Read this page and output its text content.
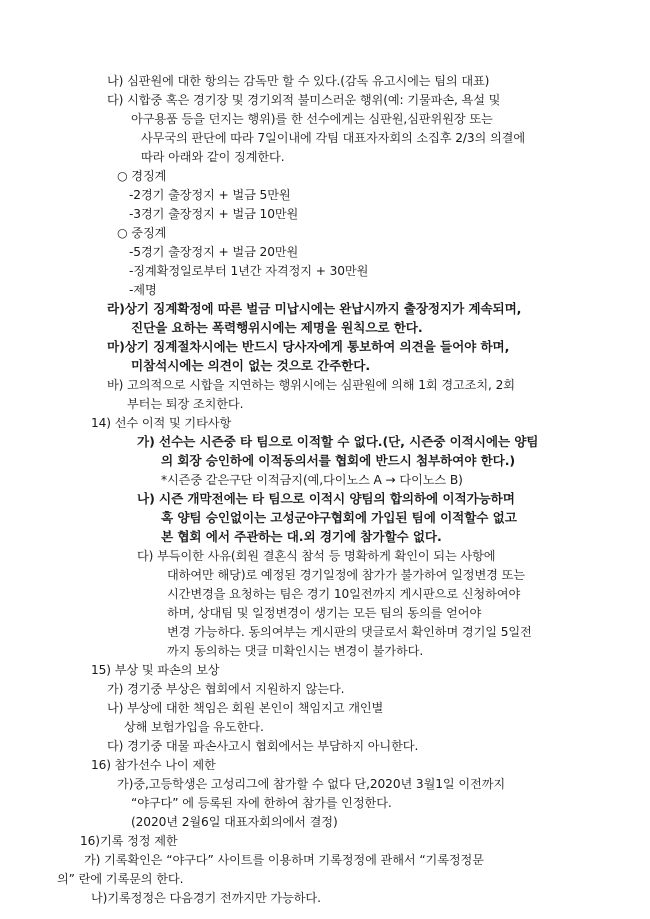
나) 심판원에 대한 항의는 감독만 할 수 있다.(감독 유고시에는 팀의 대표)
다) 시합중 혹은 경기장 및 경기외적 불미스러운 행위(예: 기물파손, 욕설 및
아구용품 등을 던지는 행위)를 한 선수에게는 심판원,심판위원장 또는
사무국의 판단에 따라 7일이내에 각팀 대표자자회의 소집후 2/3의 의결에
따라 아래와 같이 징계한다.
○ 경징계
-2경기 출장정지 + 벌금 5만원
-3경기 출장정지 + 벌금 10만원
○ 중징계
-5경기 출장정지 + 벌금 20만원
-징계확정일로부터 1년간 자격정지 + 30만원
-제명
라)상기 징계확정에 따른 벌금 미납시에는 완납시까지 출장정지가 계속되며,
진단을 요하는 폭력행위시에는 제명을 원칙으로 한다.
마)상기 징계절차시에는 반드시 당사자에게 통보하여 의견을 들어야 하며,
미참석시에는 의견이 없는 것으로 간주한다.
바) 고의적으로 시합을 지연하는 행위시에는 심판원에 의해 1회 경고조치, 2회
부터는 퇴장 조치한다.
14) 선수 이적 및 기타사항
가) 선수는 시즌중 타 팀으로 이적할 수 없다.(단, 시즌중 이적시에는 양팀
의 회장 승인하에 이적동의서를 협회에 반드시 첨부하여야 한다.)
*시즌중 같은구단 이적금지(예,다이노스 A → 다이노스 B)
나) 시즌 개막전에는 타 팀으로 이적시 양팀의 합의하에 이적가능하며
혹 양팀 승인없이는 고성군야구협회에 가입된 팀에 이적할수 없고
본 협회 에서 주관하는 대.외 경기에 참가할수 없다.
다) 부득이한 사유(회원 결혼식 참석 등 명확하게 확인이 되는 사항에
대하여만 해당)로 예정된 경기일정에 참가가 불가하여 일정변경 또는
시간변경을 요청하는 팀은 경기 10일전까지 게시판으로 신청하여야
하며, 상대팀 및 일정변경이 생기는 모든 팀의 동의를 얻어야
변경 가능하다. 동의여부는 게시판의 댓글로서 확인하며 경기일 5일전
까지 동의하는 댓글 미확인시는 변경이 불가하다.
15) 부상 및 파손의 보상
가) 경기중 부상은 협회에서 지원하지 않는다.
나) 부상에 대한 책임은 회원 본인이 책임지고 개인별
상해 보험가입을 유도한다.
다) 경기중 대물 파손사고시 협회에서는 부담하지 아니한다.
16) 참가선수 나이 제한
가)중,고등학생은 고성리그에 참가할 수 없다 단,2020년 3월1일 이전까지
“야구다” 에 등록된 자에 한하여 참가를 인정한다.
(2020년 2월6일 대표자회의에서 결정)
16)기록 정정 제한
가) 기록확인은 “야구다” 사이트를 이용하며 기록정정에 관해서 “기록정정문
의” 란에 기록문의 한다.
나)기록정정은 다음경기 전까지만 가능하다.
